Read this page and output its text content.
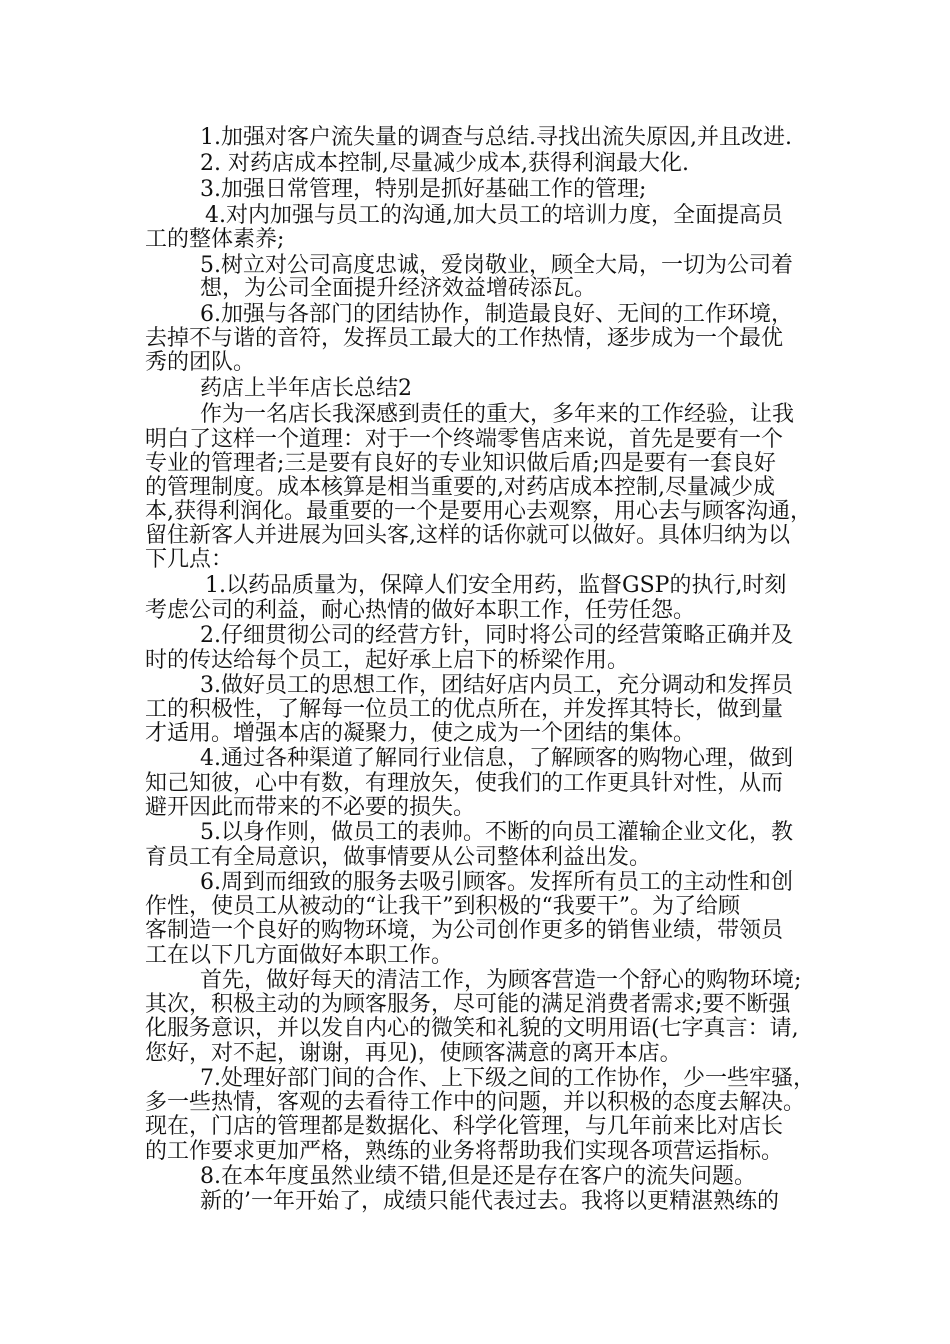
1.加强对客户流失量的调查与总结.寻找出流失原因,并且改进.
2. 对药店成本控制,尽量减少成本,获得利润最大化.
3.加强日常管理，特别是抓好基础工作的管理;
4.对内加强与员工的沟通,加大员工的培训力度，全面提高员
工的整体素养;
5.树立对公司高度忠诚，爱岗敬业，顾全大局，一切为公司着
想，为公司全面提升经济效益增砖添瓦。
6.加强与各部门的团结协作，制造最良好、无间的工作环境，
去掉不与谐的音符，发挥员工最大的工作热情，逐步成为一个最优
秀的团队。
药店上半年店长总结2
作为一名店长我深感到责任的重大，多年来的工作经验，让我
明白了这样一个道理：对于一个终端零售店来说，首先是要有一个
专业的管理者;三是要有良好的专业知识做后盾;四是要有一套良好
的管理制度。成本核算是相当重要的,对药店成本控制,尽量减少成
本,获得利润化。最重要的一个是要用心去观察，用心去与顾客沟通，
留住新客人并进展为回头客,这样的话你就可以做好。具体归纳为以
下几点：
1.以药品质量为，保障人们安全用药，监督GSP的执行,时刻
考虑公司的利益，耐心热情的做好本职工作，任劳任怨。
2.仔细贯彻公司的经营方针，同时将公司的经营策略正确并及
时的传达给每个员工，起好承上启下的桥梁作用。
3.做好员工的思想工作，团结好店内员工，充分调动和发挥员
工的积极性，了解每一位员工的优点所在，并发挥其特长，做到量
才适用。增强本店的凝聚力，使之成为一个团结的集体。
4.通过各种渠道了解同行业信息，了解顾客的购物心理，做到
知己知彼，心中有数，有理放矢，使我们的工作更具针对性，从而
避开因此而带来的不必要的损失。
5.以身作则，做员工的表帅。不断的向员工灌输企业文化，教
育员工有全局意识，做事情要从公司整体利益出发。
6.周到而细致的服务去吸引顾客。发挥所有员工的主动性和创
作性，使员工从被动的“让我干”到积极的“我要干”。为了给顾
客制造一个良好的购物环境，为公司创作更多的销售业绩，带领员
工在以下几方面做好本职工作。
首先，做好每天的清洁工作，为顾客营造一个舒心的购物环境;
其次，积极主动的为顾客服务，尽可能的满足消费者需求;要不断强
化服务意识，并以发自内心的微笑和礼貌的文明用语(七字真言：请,
您好，对不起，谢谢，再见)，使顾客满意的离开本店。
7.处理好部门间的合作、上下级之间的工作协作，少一些牢骚，
多一些热情，客观的去看待工作中的问题，并以积极的态度去解决。
现在，门店的管理都是数据化、科学化管理，与几年前来比对店长
的工作要求更加严格，熟练的业务将帮助我们实现各项营运指标。
8.在本年度虽然业绩不错,但是还是存在客户的流失问题。
新的’一年开始了，成绩只能代表过去。我将以更精湛熟练的
